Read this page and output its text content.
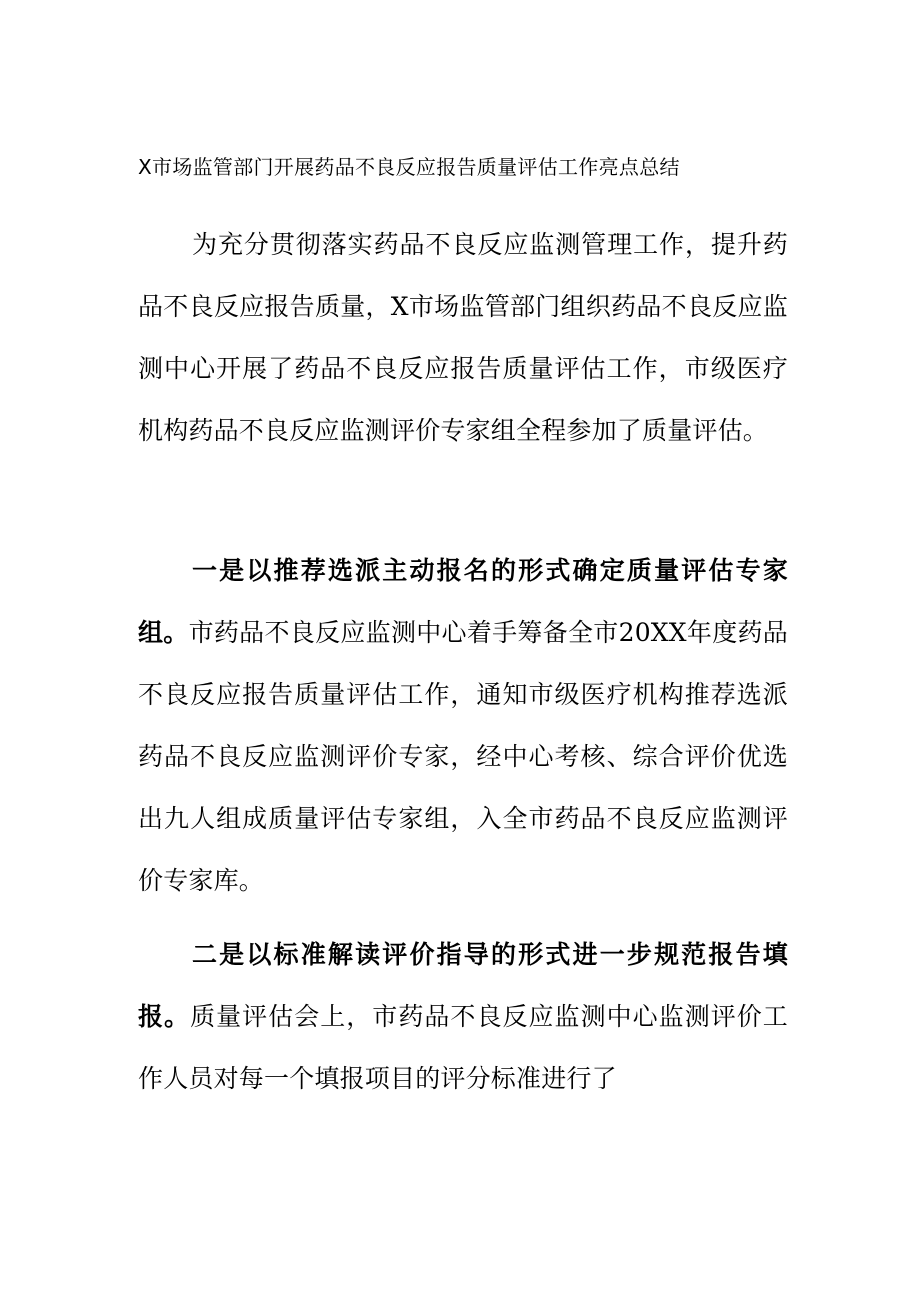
X市场监管部门开展药品不良反应报告质量评估工作亮点总结

为充分贯彻落实药品不良反应监测管理工作，提升药品不良反应报告质量，X市场监管部门组织药品不良反应监测中心开展了药品不良反应报告质量评估工作，市级医疗机构药品不良反应监测评价专家组全程参加了质量评估。

一是以推荐选派主动报名的形式确定质量评估专家组。市药品不良反应监测中心着手筹备全市20XX年度药品不良反应报告质量评估工作，通知市级医疗机构推荐选派药品不良反应监测评价专家，经中心考核、综合评价优选出九人组成质量评估专家组，入全市药品不良反应监测评价专家库。

二是以标准解读评价指导的形式进一步规范报告填报。质量评估会上，市药品不良反应监测中心监测评价工作人员对每一个填报项目的评分标准进行了
